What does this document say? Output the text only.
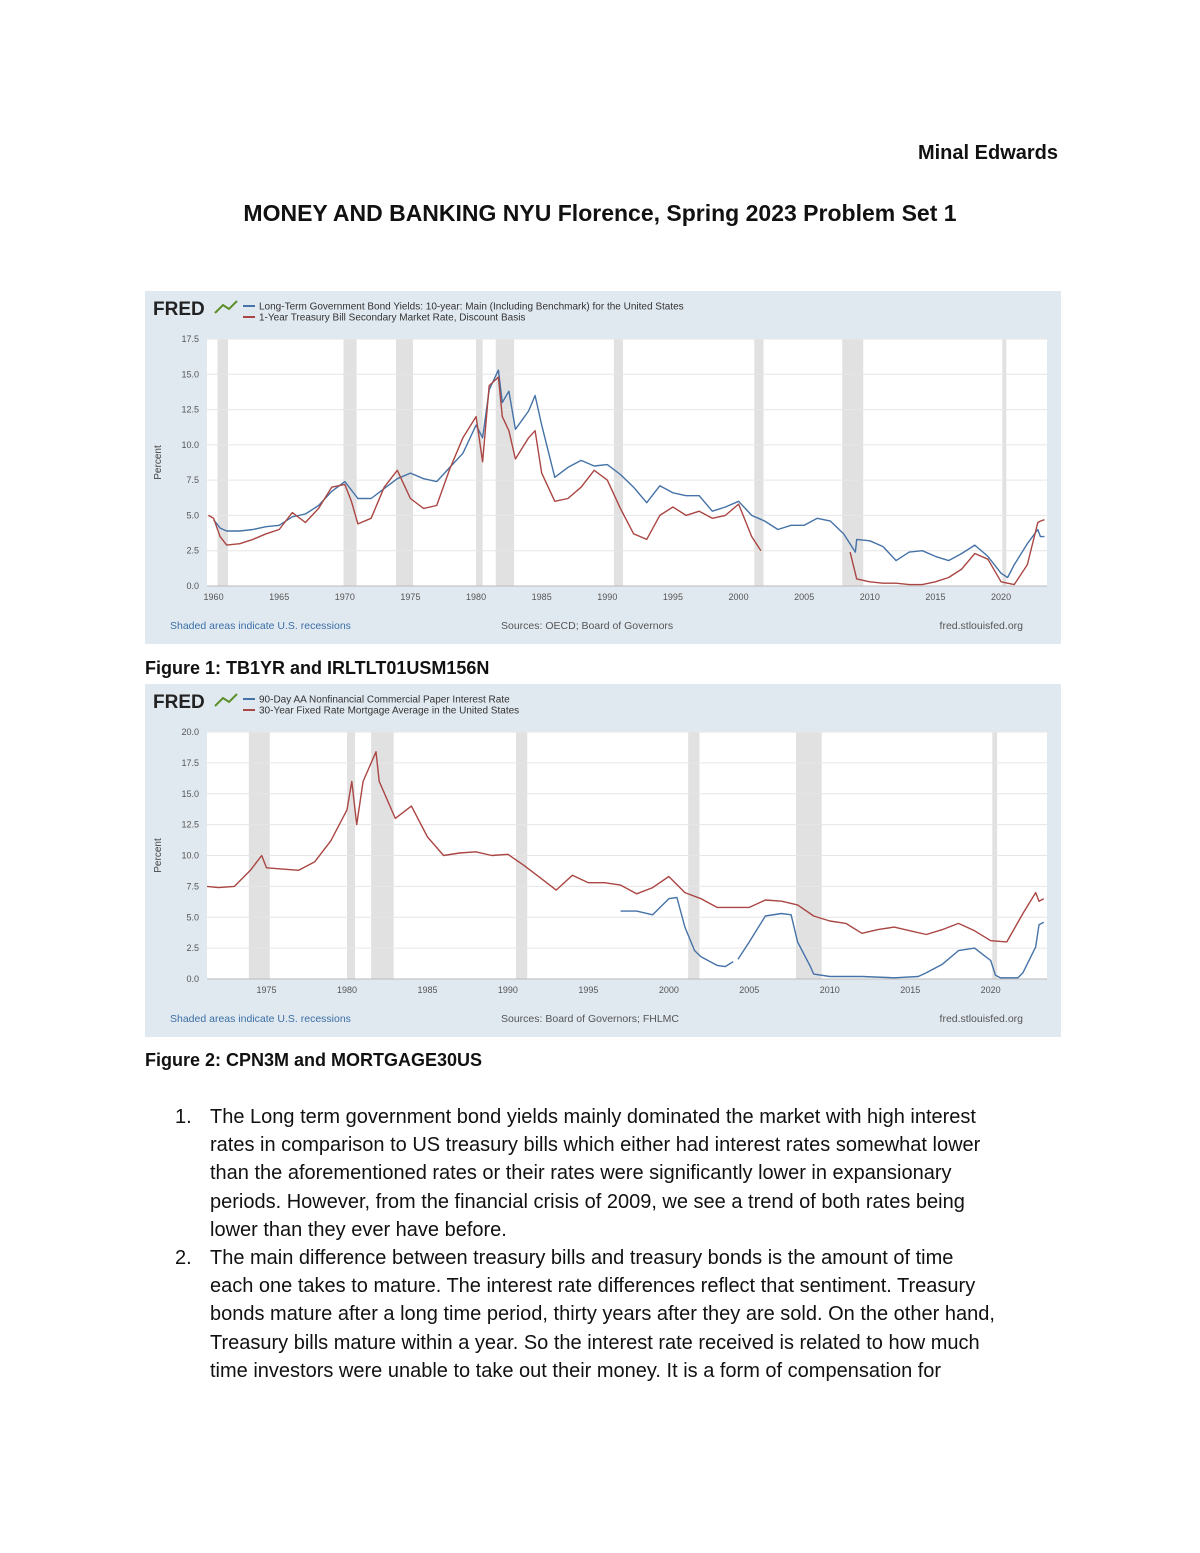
Minal Edwards
MONEY AND BANKING NYU Florence, Spring 2023 Problem Set 1
0.0
2.5
5.0
7.5
10.0
12.5
15.0
17.5
1960	1965	1970	1975	1980	1985	1990	1995	2000	2005	2010	2015	2020
Percent
FRED	Long-Term Government Bond Yields: 10-year: Main (Including Benchmark) for the United States
1-Year Treasury Bill Secondary Market Rate, Discount Basis
Shaded areas indicate U.S. recessions	Sources: OECD; Board of Governors	fred.stlouisfed.org
Figure 1: TB1YR and IRLTLT01USM156N
0.0
2.5
5.0
7.5
10.0
12.5
15.0
17.5
20.0
1975	1980	1985	1990	1995	2000	2005	2010	2015	2020
Percent
FRED	90-Day AA Nonfinancial Commercial Paper Interest Rate
30-Year Fixed Rate Mortgage Average in the United States
Shaded areas indicate U.S. recessions	Sources: Board of Governors; FHLMC	fred.stlouisfed.org
Figure 2: CPN3M and MORTGAGE30US
1. The Long term government bond yields mainly dominated the market with high interest
rates in comparison to US treasury bills which either had interest rates somewhat lower
than the aforementioned rates or their rates were significantly lower in expansionary
periods. However, from the financial crisis of 2009, we see a trend of both rates being
lower than they ever have before.
2. The main difference between treasury bills and treasury bonds is the amount of time
each one takes to mature. The interest rate differences reflect that sentiment. Treasury
bonds mature after a long time period, thirty years after they are sold. On the other hand,
Treasury bills mature within a year. So the interest rate received is related to how much
time investors were unable to take out their money. It is a form of compensation for
